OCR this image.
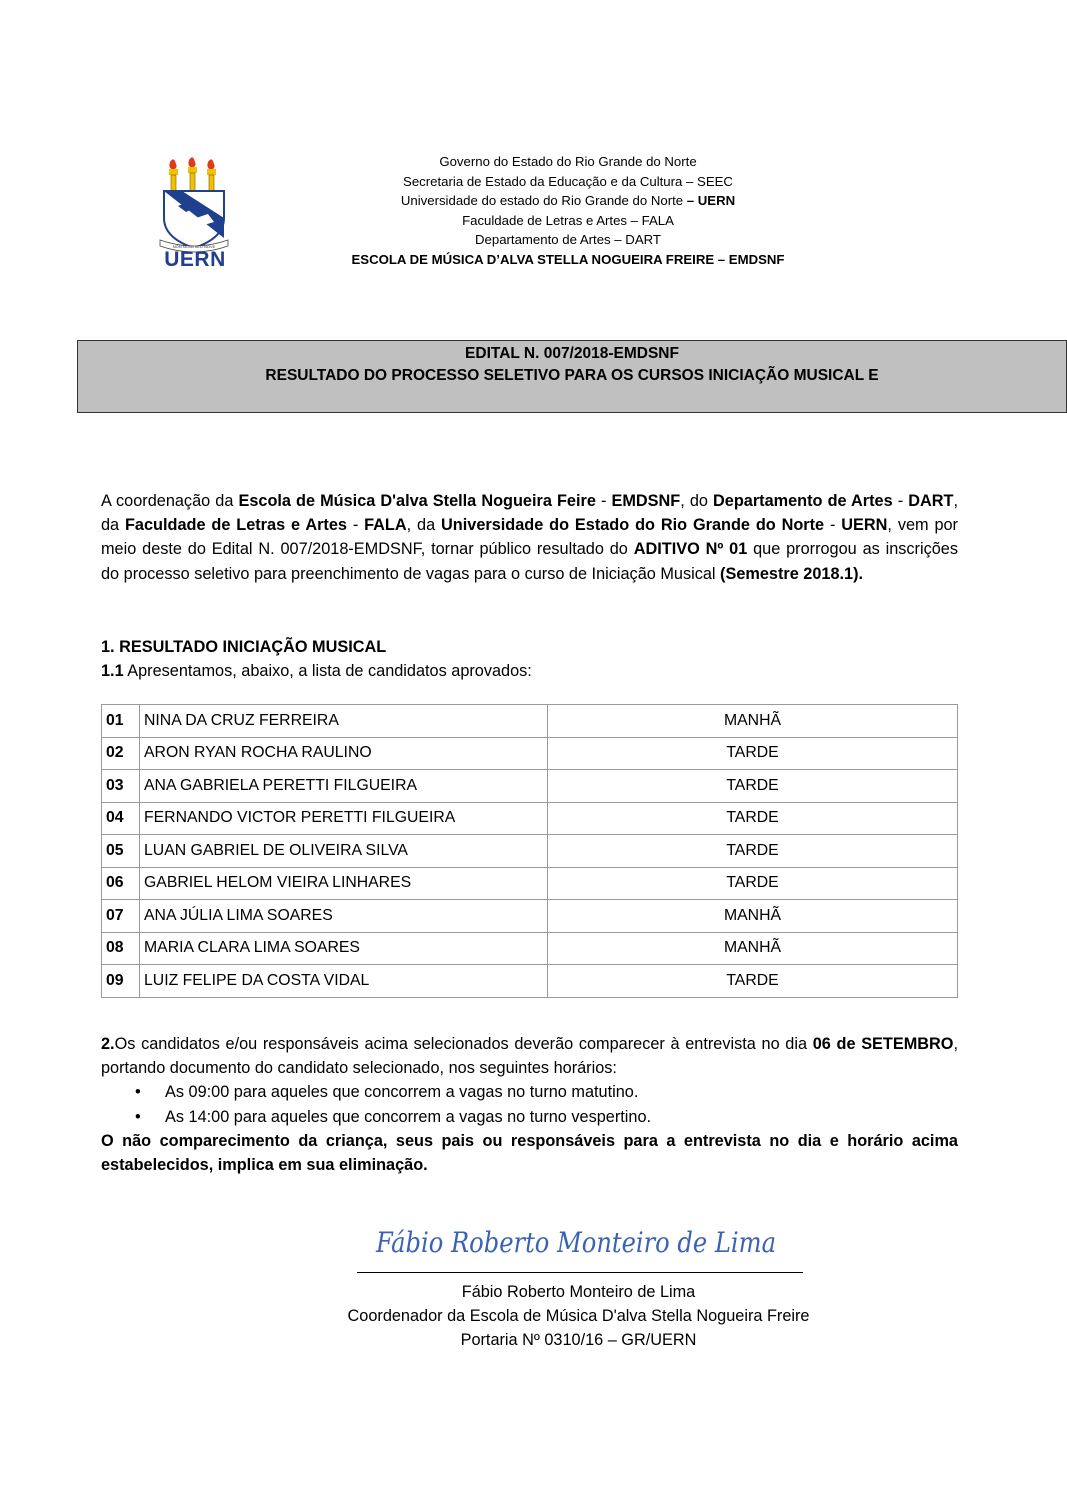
NON NOVA SED NOVE
UERN
Governo do Estado do Rio Grande do Norte
Secretaria de Estado da Educação e da Cultura – SEEC
Universidade do estado do Rio Grande do Norte – UERN
Faculdade de Letras e Artes – FALA
Departamento de Artes – DART
ESCOLA DE MÚSICA D’ALVA STELLA NOGUEIRA FREIRE – EMDSNF
EDITAL N. 007/2018-EMDSNF
RESULTADO DO PROCESSO SELETIVO PARA OS CURSOS INICIAÇÃO MUSICAL E
A coordenação da Escola de Música D'alva Stella Nogueira Feire - EMDSNF, do Departamento de Artes - DART, da Faculdade de Letras e Artes - FALA, da Universidade do Estado do Rio Grande do Norte - UERN, vem por meio deste do Edital N. 007/2018-EMDSNF, tornar público resultado do ADITIVO Nº 01 que prorrogou as inscrições do processo seletivo para preenchimento de vagas para o curso de Iniciação Musical (Semestre 2018.1).
1. RESULTADO INICIAÇÃO MUSICAL
1.1 Apresentamos, abaixo, a lista de candidatos aprovados:
01	NINA DA CRUZ FERREIRA	MANHÃ
02	ARON RYAN ROCHA RAULINO	TARDE
03	ANA GABRIELA PERETTI FILGUEIRA	TARDE
04	FERNANDO VICTOR PERETTI FILGUEIRA	TARDE
05	LUAN GABRIEL DE OLIVEIRA SILVA	TARDE
06	GABRIEL HELOM VIEIRA LINHARES	TARDE
07	ANA JÚLIA LIMA SOARES	MANHÃ
08	MARIA CLARA LIMA SOARES	MANHÃ
09	LUIZ FELIPE DA COSTA VIDAL	TARDE
2.Os candidatos e/ou responsáveis acima selecionados deverão comparecer à entrevista no dia 06 de SETEMBRO, portando documento do candidato selecionado, nos seguintes horários:
• As 09:00 para aqueles que concorrem a vagas no turno matutino.
• As 14:00 para aqueles que concorrem a vagas no turno vespertino.
O não comparecimento da criança, seus pais ou responsáveis para a entrevista no dia e horário acima estabelecidos, implica em sua eliminação.
Fábio Roberto Monteiro de Lima
Fábio Roberto Monteiro de Lima
Coordenador da Escola de Música D'alva Stella Nogueira Freire
Portaria Nº 0310/16 – GR/UERN
